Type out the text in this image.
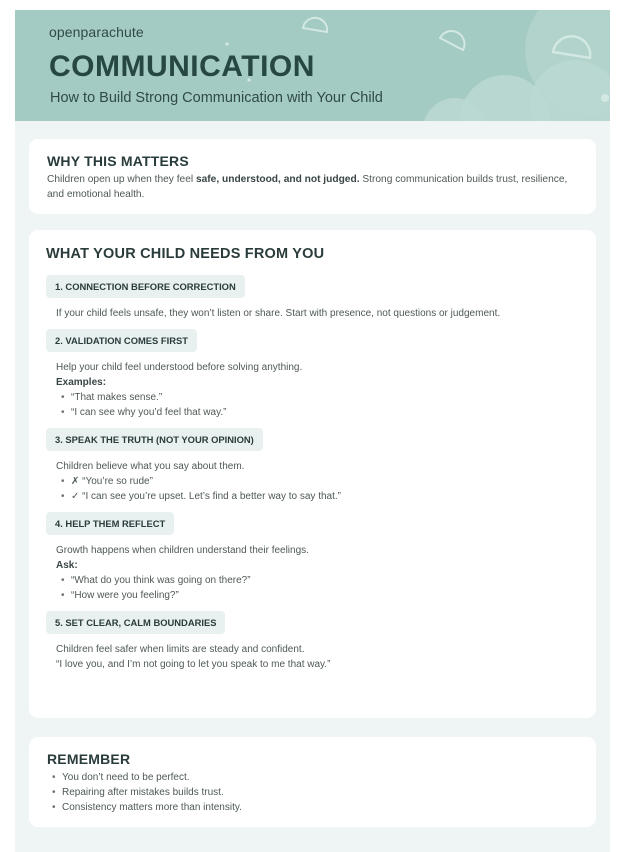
openparachute
COMMUNICATION

How to Build Strong Communication with Your Child

WHY THIS MATTERS

Children open up when they feel safe, understood, and not judged. Strong communication builds trust, resilience, and emotional health.

WHAT YOUR CHILD NEEDS FROM YOU
1. CONNECTION BEFORE CORRECTION

If your child feels unsafe, they won’t listen or share. Start with presence, not questions or judgement.

2. VALIDATION COMES FIRST

Help your child feel understood before solving anything.

Examples:

• “That makes sense.”
• “I can see why you’d feel that way.”
3. SPEAK THE TRUTH (NOT YOUR OPINION)

Children believe what you say about them.

• ✗ “You’re so rude”
• ✓ “I can see you’re upset. Let’s find a better way to say that.”
4. HELP THEM REFLECT

Growth happens when children understand their feelings.

Ask:

• “What do you think was going on there?”
• “How were you feeling?”
5. SET CLEAR, CALM BOUNDARIES

Children feel safer when limits are steady and confident.

“I love you, and I’m not going to let you speak to me that way.”

REMEMBER
• You don’t need to be perfect.
• Repairing after mistakes builds trust.
• Consistency matters more than intensity.
